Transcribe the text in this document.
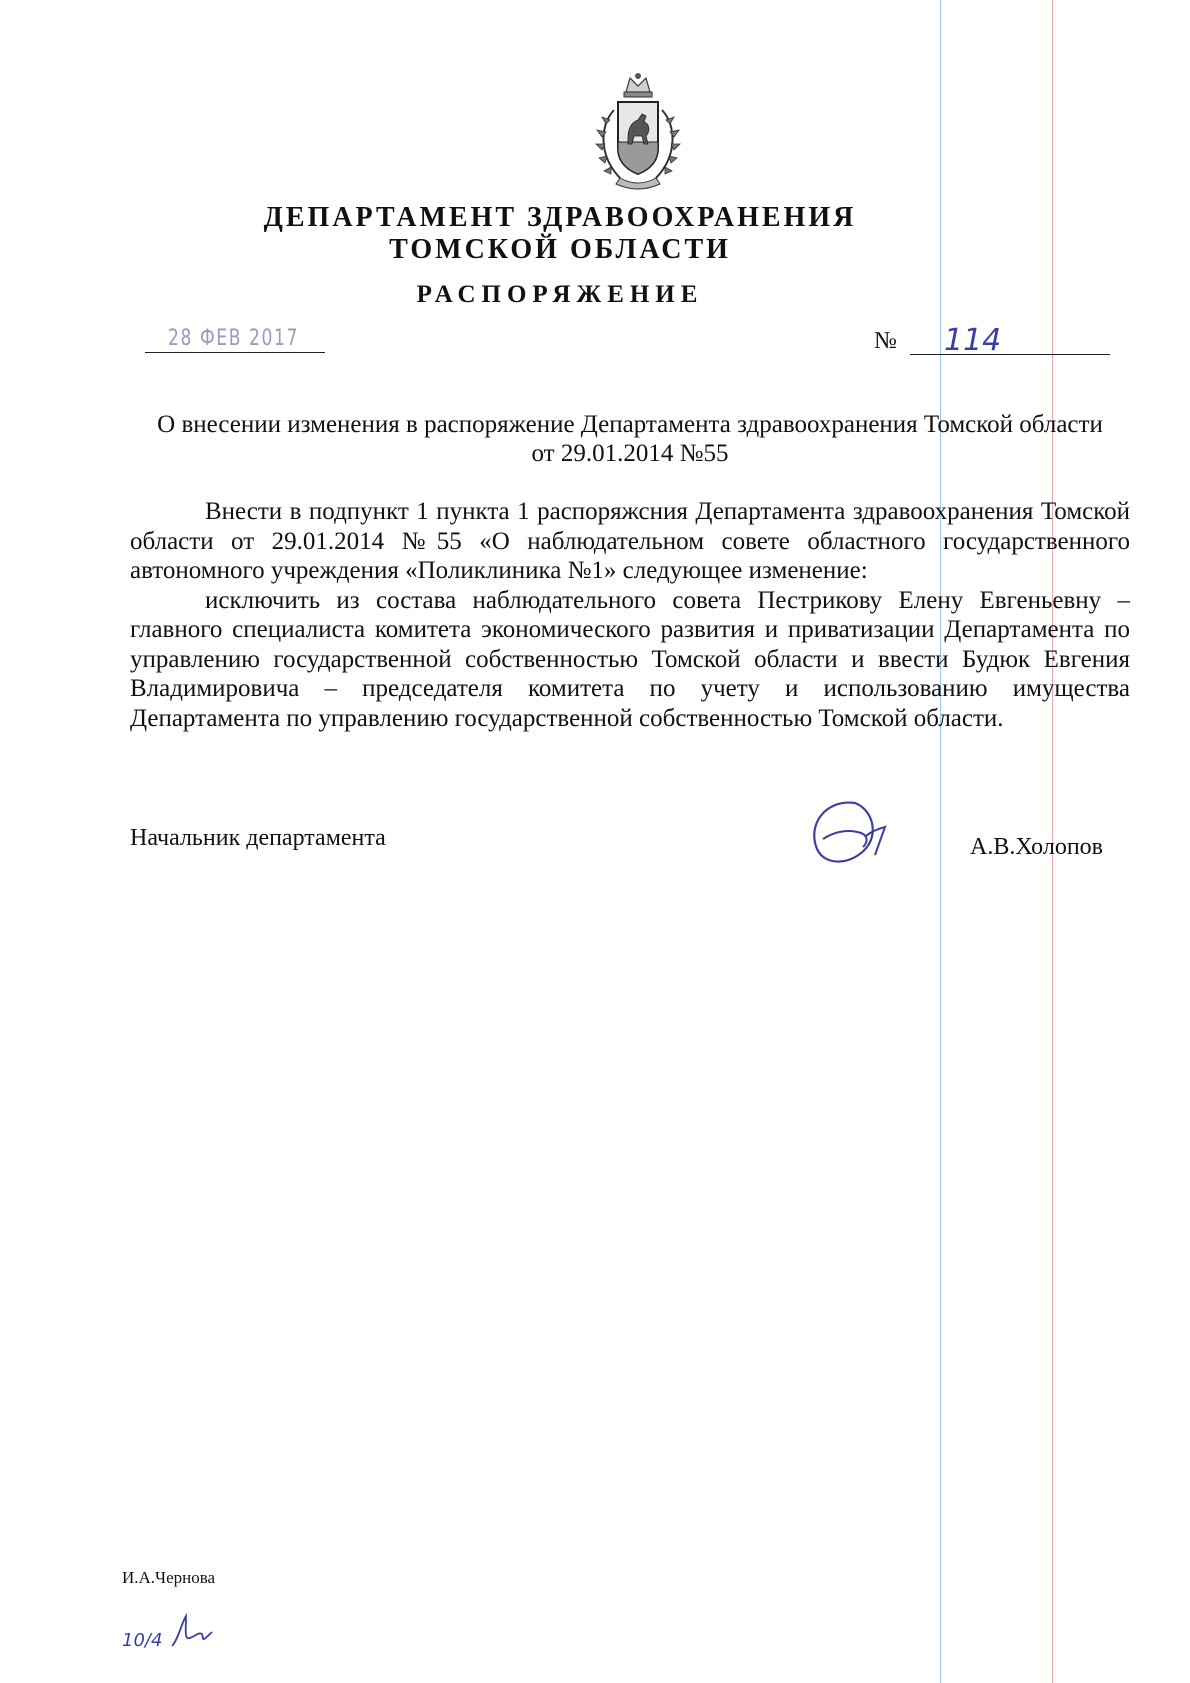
ДЕПАРТАМЕНТ ЗДРАВООХРАНЕНИЯ
ТОМСКОЙ ОБЛАСТИ
РАСПОРЯЖЕНИЕ
28 ФЕВ 2017	№ 114
О внесении изменения в распоряжение Департамента здравоохранения Томской области
от 29.01.2014 №55

Внести в подпункт 1 пункта 1 распоряжсния Департамента здравоохранения Томской области от 29.01.2014 №55 «О наблюдательном совете областного государственного автономного учреждения «Поликлиника №1» следующее изменение:

исключить из состава наблюдательного совета Пестрикову Елену Евгеньевну – главного специалиста комитета экономического развития и приватизации Департамента по управлению государственной собственностью Томской области и ввести Будюк Евгения Владимировича – председателя комитета по учету и использованию имущества Департамента по управлению государственной собственностью Томской области.

Начальник департамента	А.В.Холопов
И.А.Чернова
10/4
